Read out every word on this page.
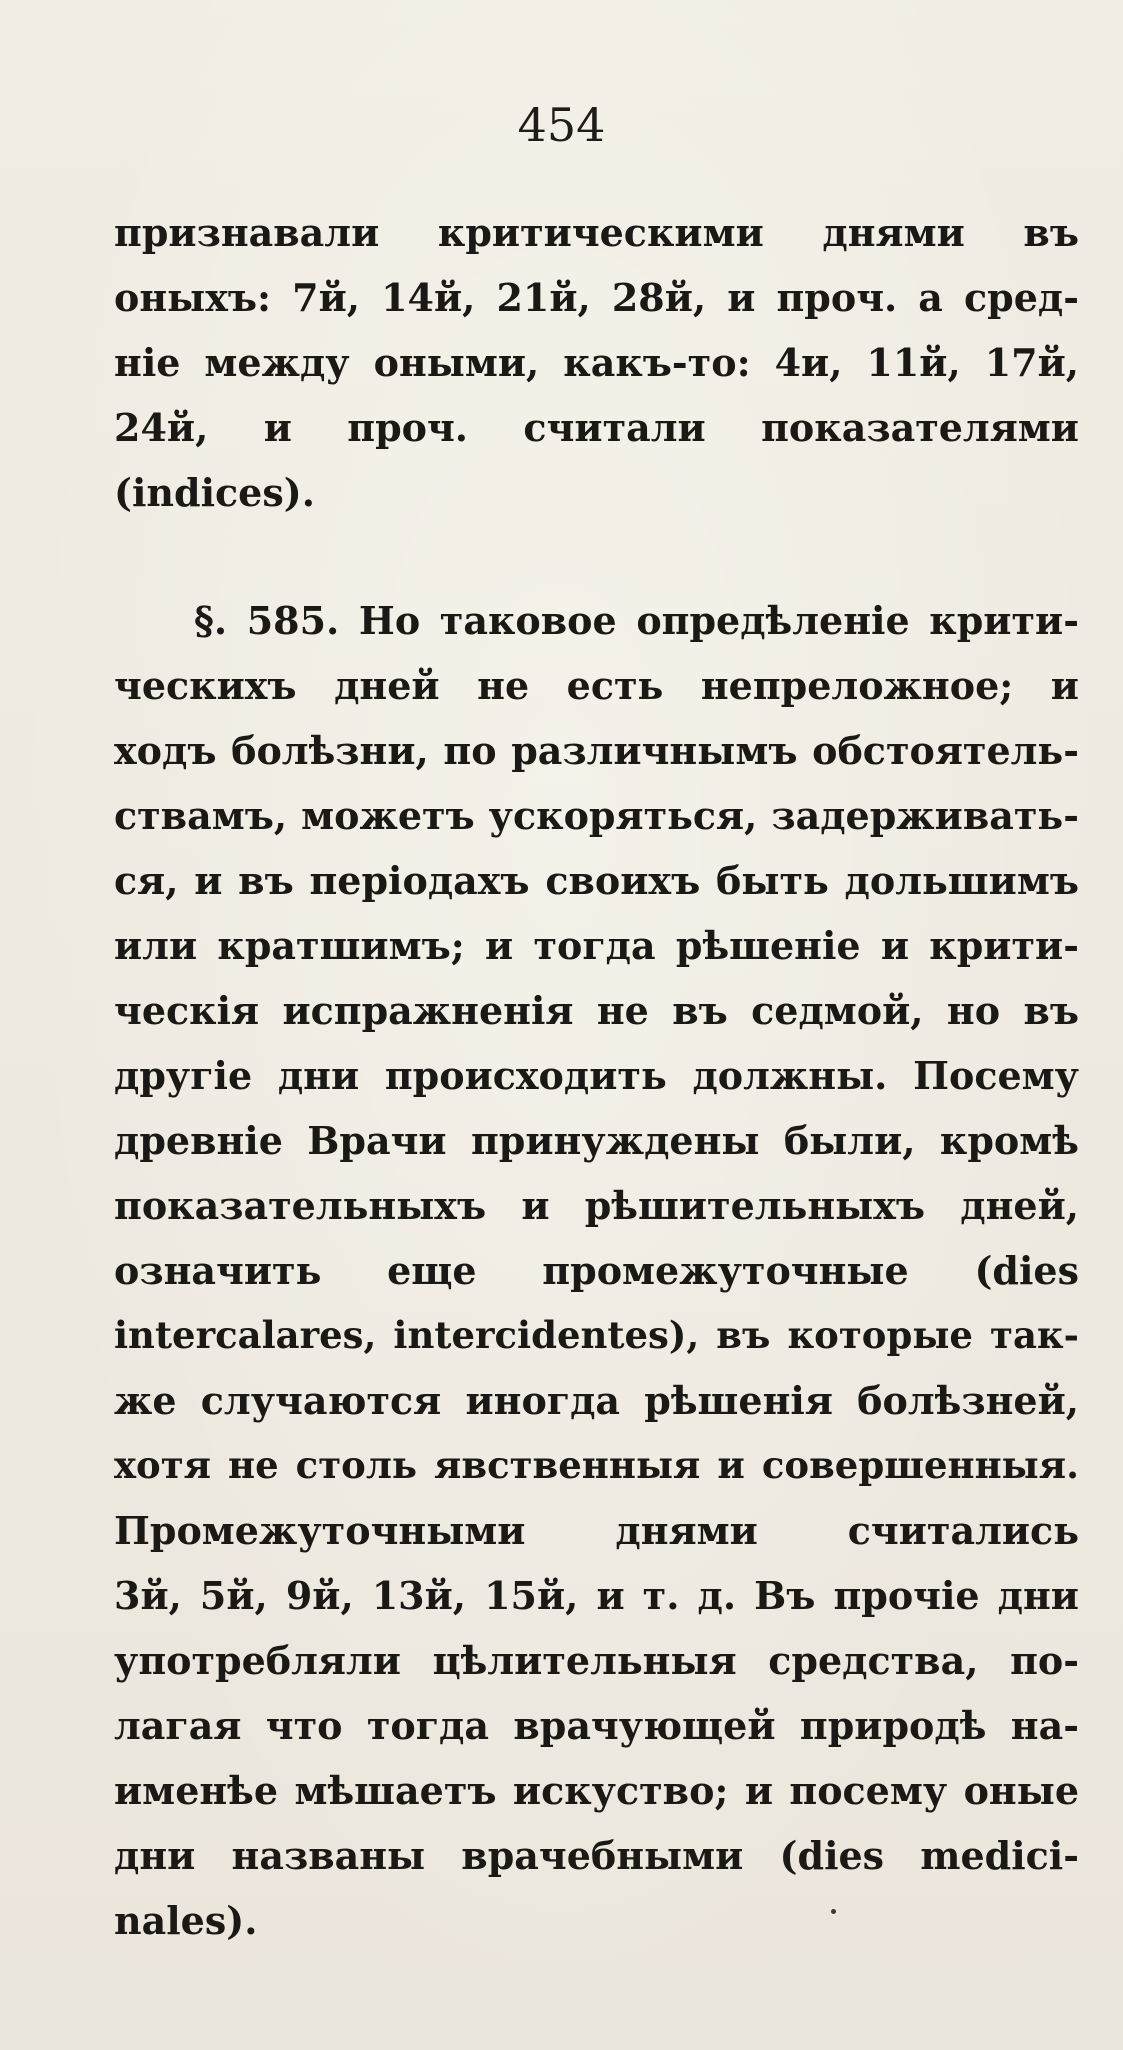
454
признавали критическими днями въ
оныхъ: 7й, 14й, 21й, 28й, и проч. а сред-
ніе между оными, какъ-то: 4и, 11й, 17й,
24й, и проч. считали показателями
(indices).
§. 585. Но таковое опредѣленіе крити-
ческихъ дней не есть непреложное; и
ходъ болѣзни, по различнымъ обстоятель-
ствамъ, можетъ ускоряться, задерживать-
ся, и въ періодахъ своихъ быть дольшимъ
или кратшимъ; и тогда рѣшеніе и крити-
ческія испражненія не въ седмой, но въ
другіе дни происходить должны. Посему
древніе Врачи принуждены были, кромѣ
показательныхъ и рѣшительныхъ дней,
означить еще промежуточные (dies
intercalares, intercidentes), въ которые так-
же случаются иногда рѣшенія болѣзней,
хотя не столь явственныя и совершенныя.
Промежуточными днями считались
3й, 5й, 9й, 13й, 15й, и т. д. Въ прочіе дни
употребляли цѣлительныя средства, по-
лагая что тогда врачующей природѣ на-
именѣе мѣшаетъ искуство; и посему оные
дни названы врачебными (dies medici-
nales).
